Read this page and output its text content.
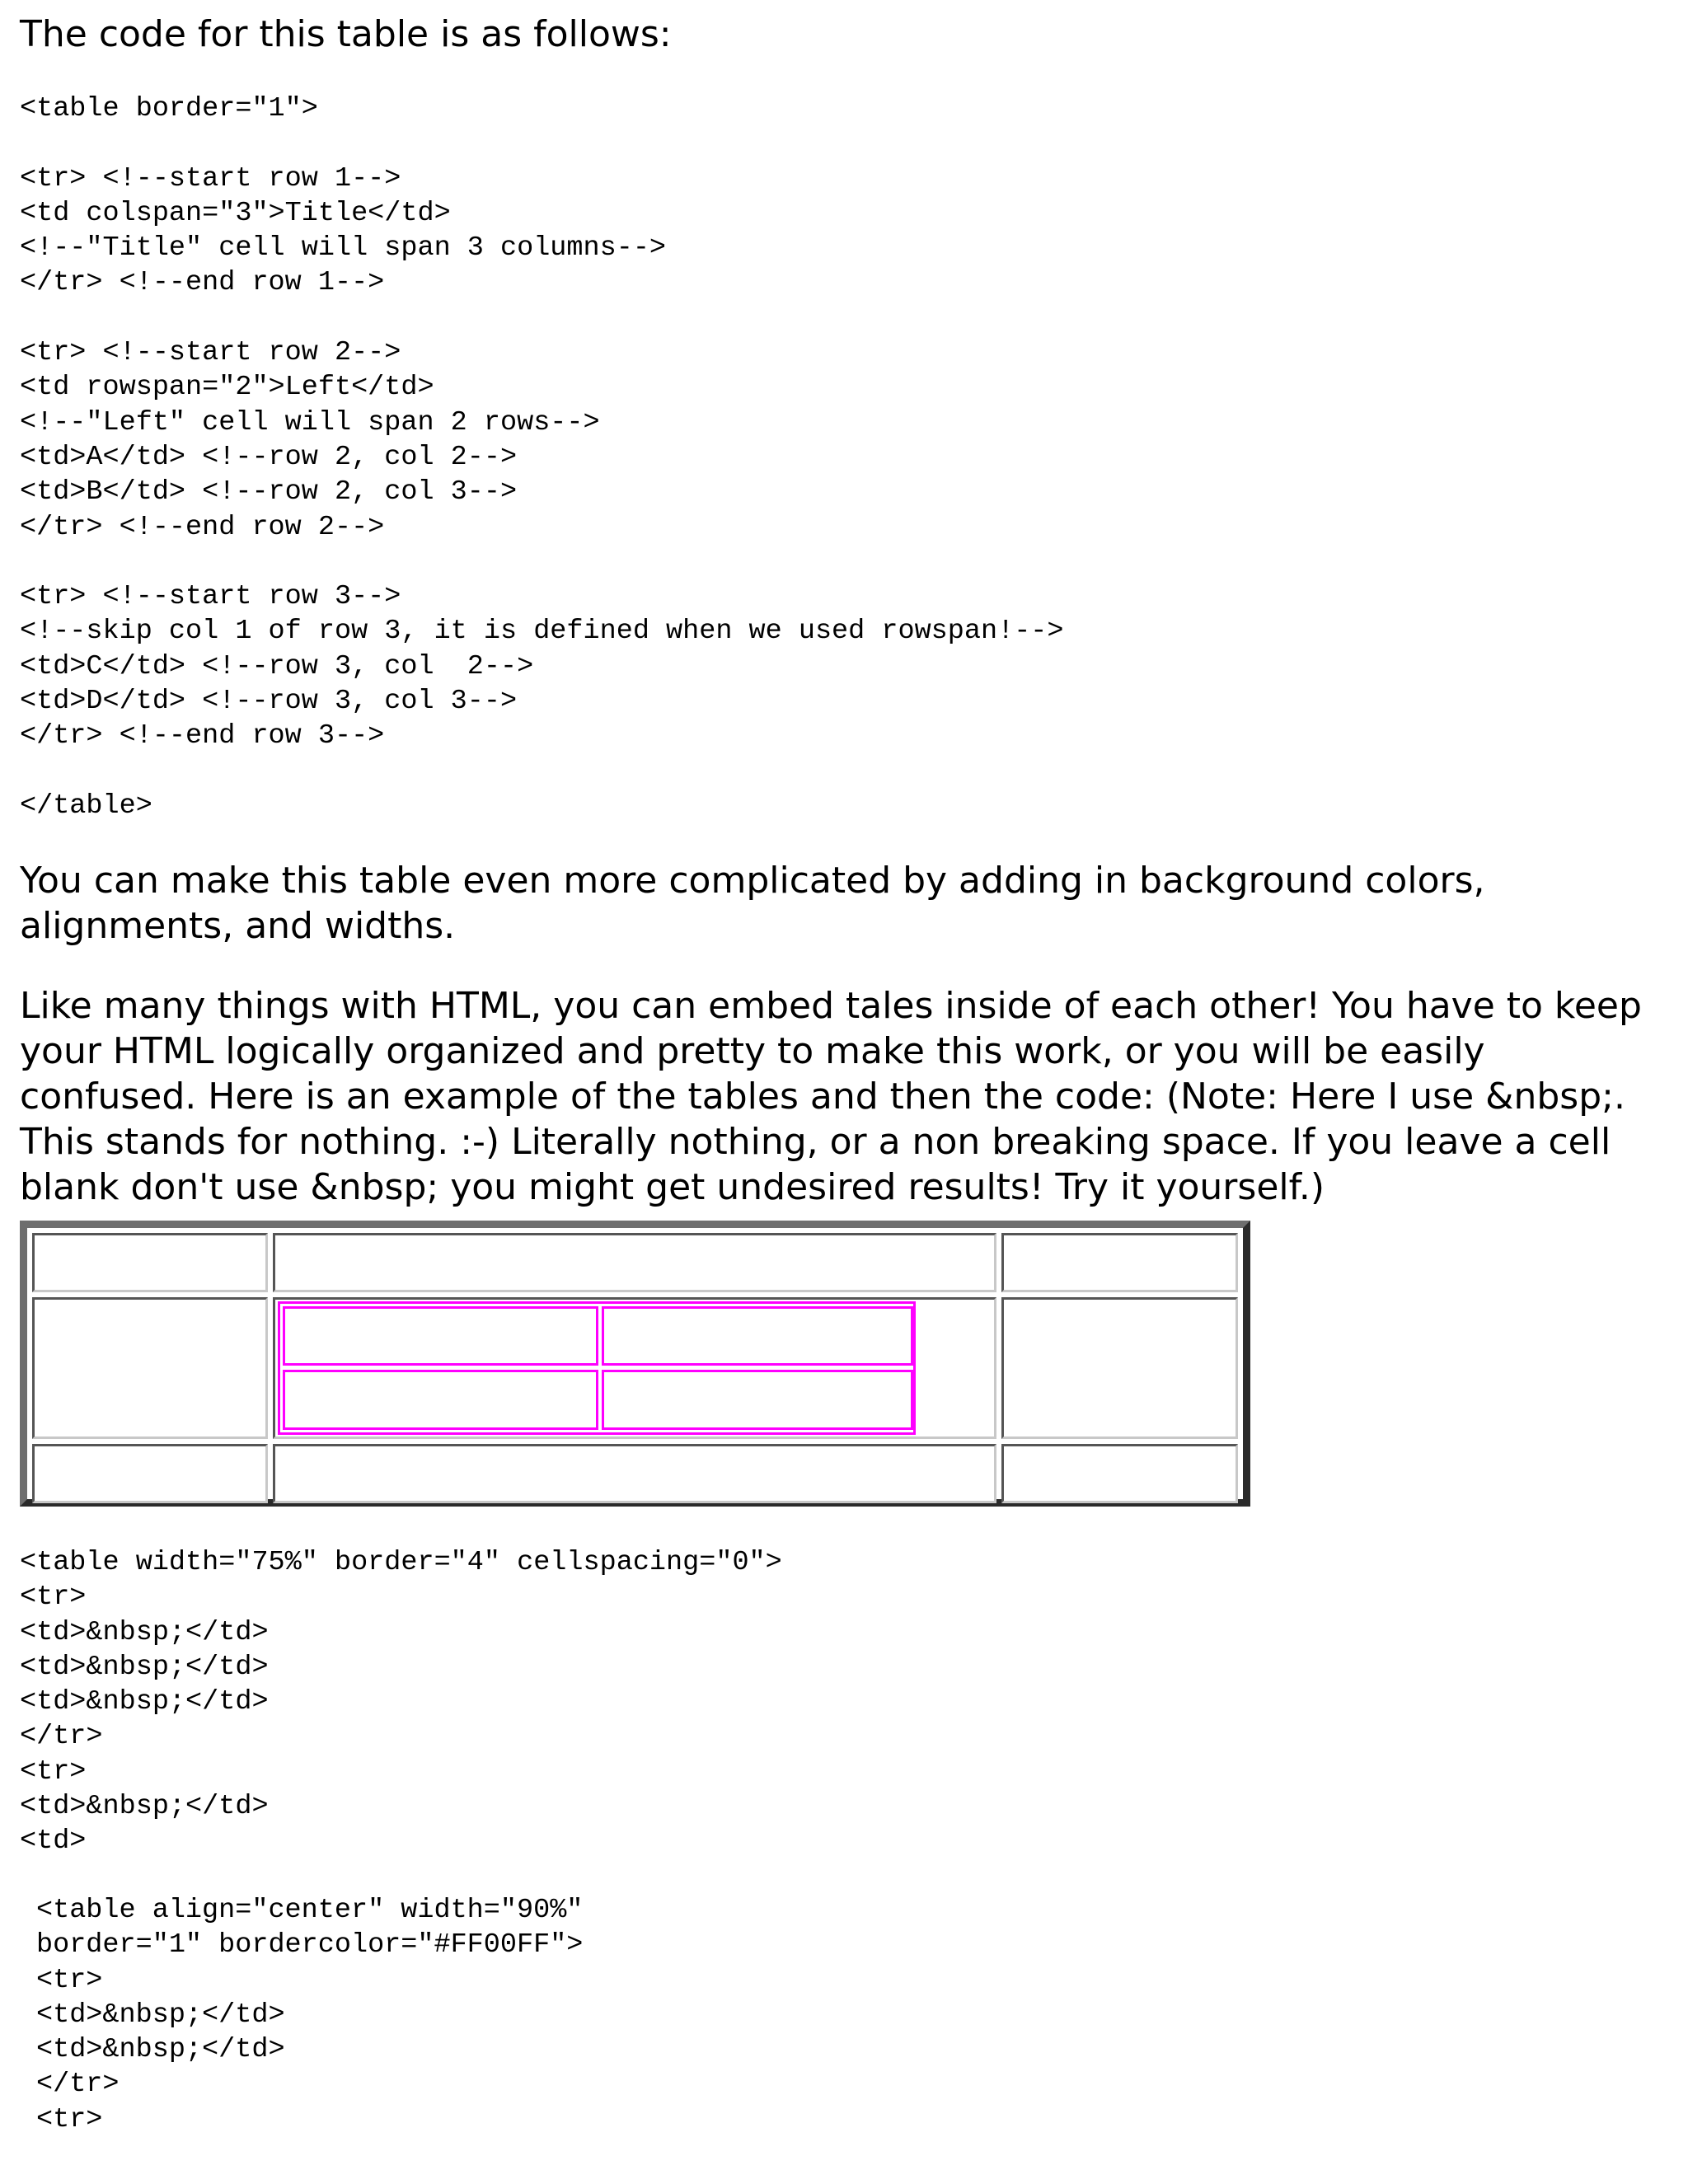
The code for this table is as follows:

<table border="1">
<tr> <!--start row 1-->
<td colspan="3">Title</td>
<!--"Title" cell will span 3 columns-->
</tr> <!--end row 1-->
<tr> <!--start row 2-->
<td rowspan="2">Left</td>
<!--"Left" cell will span 2 rows-->
<td>A</td> <!--row 2, col 2-->
<td>B</td> <!--row 2, col 3-->
</tr> <!--end row 2-->
<tr> <!--start row 3-->
<!--skip col 1 of row 3, it is defined when we used rowspan!-->
<td>C</td> <!--row 3, col  2-->
<td>D</td> <!--row 3, col 3-->
</tr> <!--end row 3-->
</table>

You can make this table even more complicated by adding in background colors, alignments, and widths.

Like many things with HTML, you can embed tales inside of each other! You have to keep your HTML logically organized and pretty to make this work, or you will be easily confused. Here is an example of the tables and then the code: (Note: Here I use &nbsp;. This stands for nothing. :-) Literally nothing, or a non breaking space. If you leave a cell blank don't use &nbsp; you might get undesired results! Try it yourself.)

<table width="75%" border="4" cellspacing="0">
<tr>
<td>&nbsp;</td>
<td>&nbsp;</td>
<td>&nbsp;</td>
</tr>
<tr>
<td>&nbsp;</td>
<td>
<table align="center" width="90%"
border="1" bordercolor="#FF00FF">
<tr>
<td>&nbsp;</td>
<td>&nbsp;</td>
</tr>
<tr>
